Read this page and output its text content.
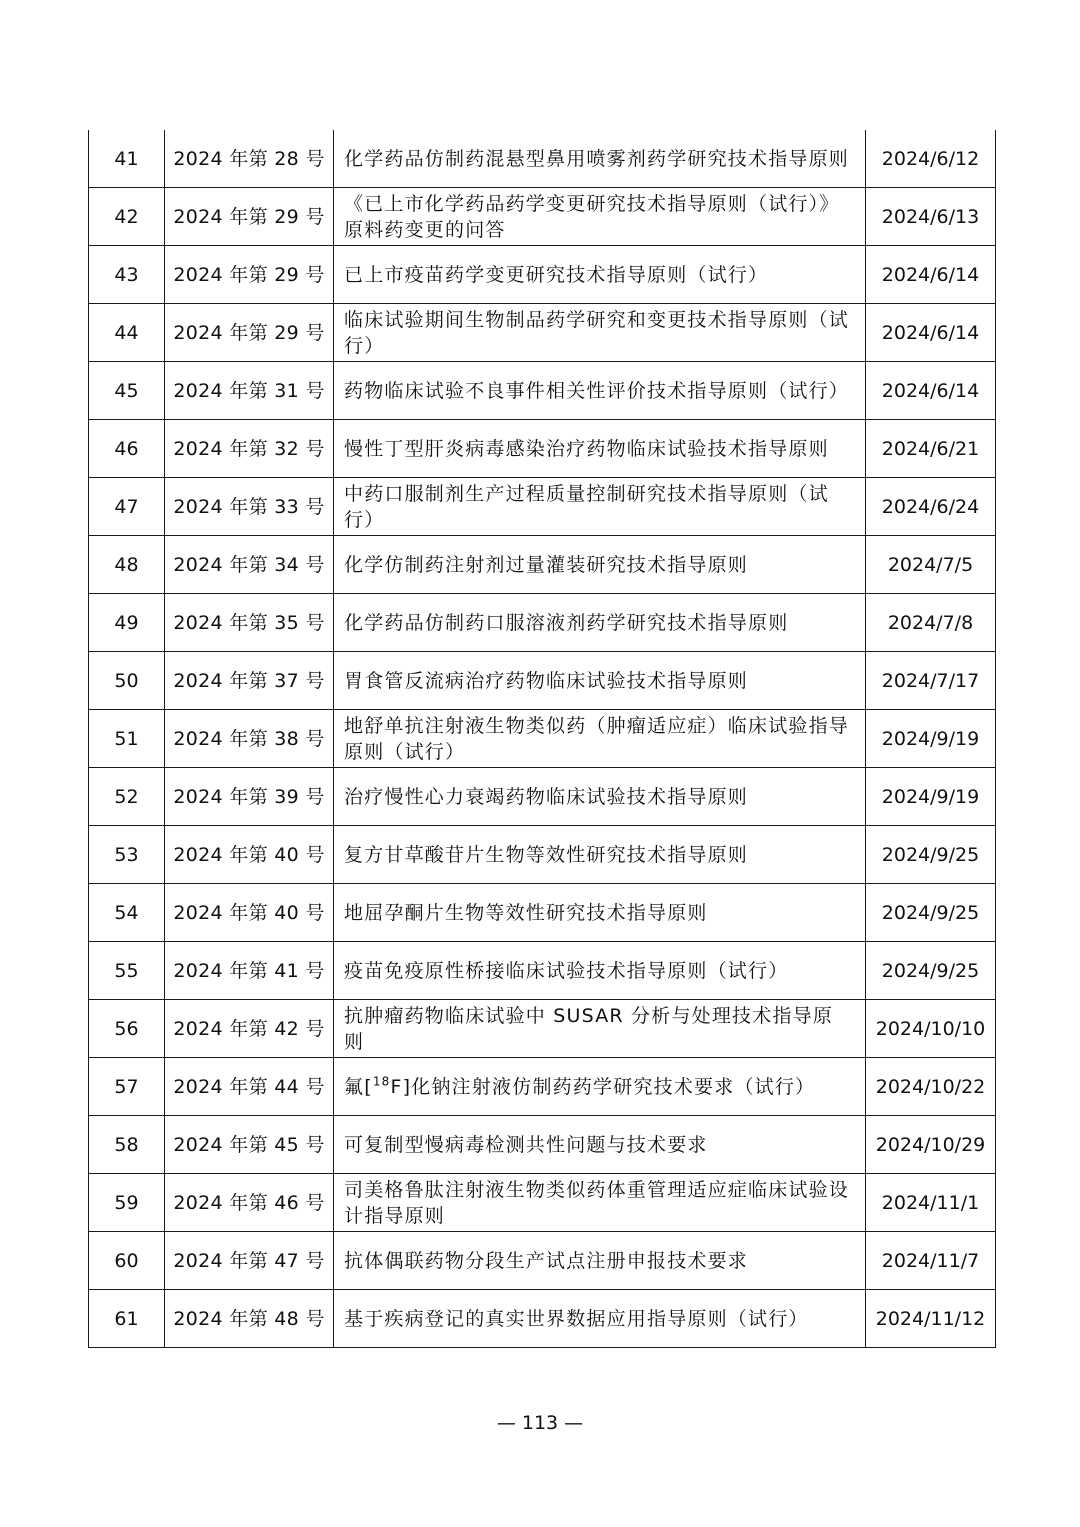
41	2024 年第 28 号	化学药品仿制药混悬型鼻用喷雾剂药学研究技术指导原则	2024/6/12
42	2024 年第 29 号	《已上市化学药品药学变更研究技术指导原则（试行）》原料药变更的问答	2024/6/13
43	2024 年第 29 号	已上市疫苗药学变更研究技术指导原则（试行）	2024/6/14
44	2024 年第 29 号	临床试验期间生物制品药学研究和变更技术指导原则（试行）	2024/6/14
45	2024 年第 31 号	药物临床试验不良事件相关性评价技术指导原则（试行）	2024/6/14
46	2024 年第 32 号	慢性丁型肝炎病毒感染治疗药物临床试验技术指导原则	2024/6/21
47	2024 年第 33 号	中药口服制剂生产过程质量控制研究技术指导原则（试行）	2024/6/24
48	2024 年第 34 号	化学仿制药注射剂过量灌装研究技术指导原则	2024/7/5
49	2024 年第 35 号	化学药品仿制药口服溶液剂药学研究技术指导原则	2024/7/8
50	2024 年第 37 号	胃食管反流病治疗药物临床试验技术指导原则	2024/7/17
51	2024 年第 38 号	地舒单抗注射液生物类似药（肿瘤适应症）临床试验指导原则（试行）	2024/9/19
52	2024 年第 39 号	治疗慢性心力衰竭药物临床试验技术指导原则	2024/9/19
53	2024 年第 40 号	复方甘草酸苷片生物等效性研究技术指导原则	2024/9/25
54	2024 年第 40 号	地屈孕酮片生物等效性研究技术指导原则	2024/9/25
55	2024 年第 41 号	疫苗免疫原性桥接临床试验技术指导原则（试行）	2024/9/25
56	2024 年第 42 号	抗肿瘤药物临床试验中 SUSAR 分析与处理技术指导原则	2024/10/10
57	2024 年第 44 号	氟[$^{18}$F]化钠注射液仿制药药学研究技术要求（试行）	2024/10/22
58	2024 年第 45 号	可复制型慢病毒检测共性问题与技术要求	2024/10/29
59	2024 年第 46 号	司美格鲁肽注射液生物类似药体重管理适应症临床试验设计指导原则	2024/11/1
60	2024 年第 47 号	抗体偶联药物分段生产试点注册申报技术要求	2024/11/7
61	2024 年第 48 号	基于疾病登记的真实世界数据应用指导原则（试行）	2024/11/12
— 113 —
